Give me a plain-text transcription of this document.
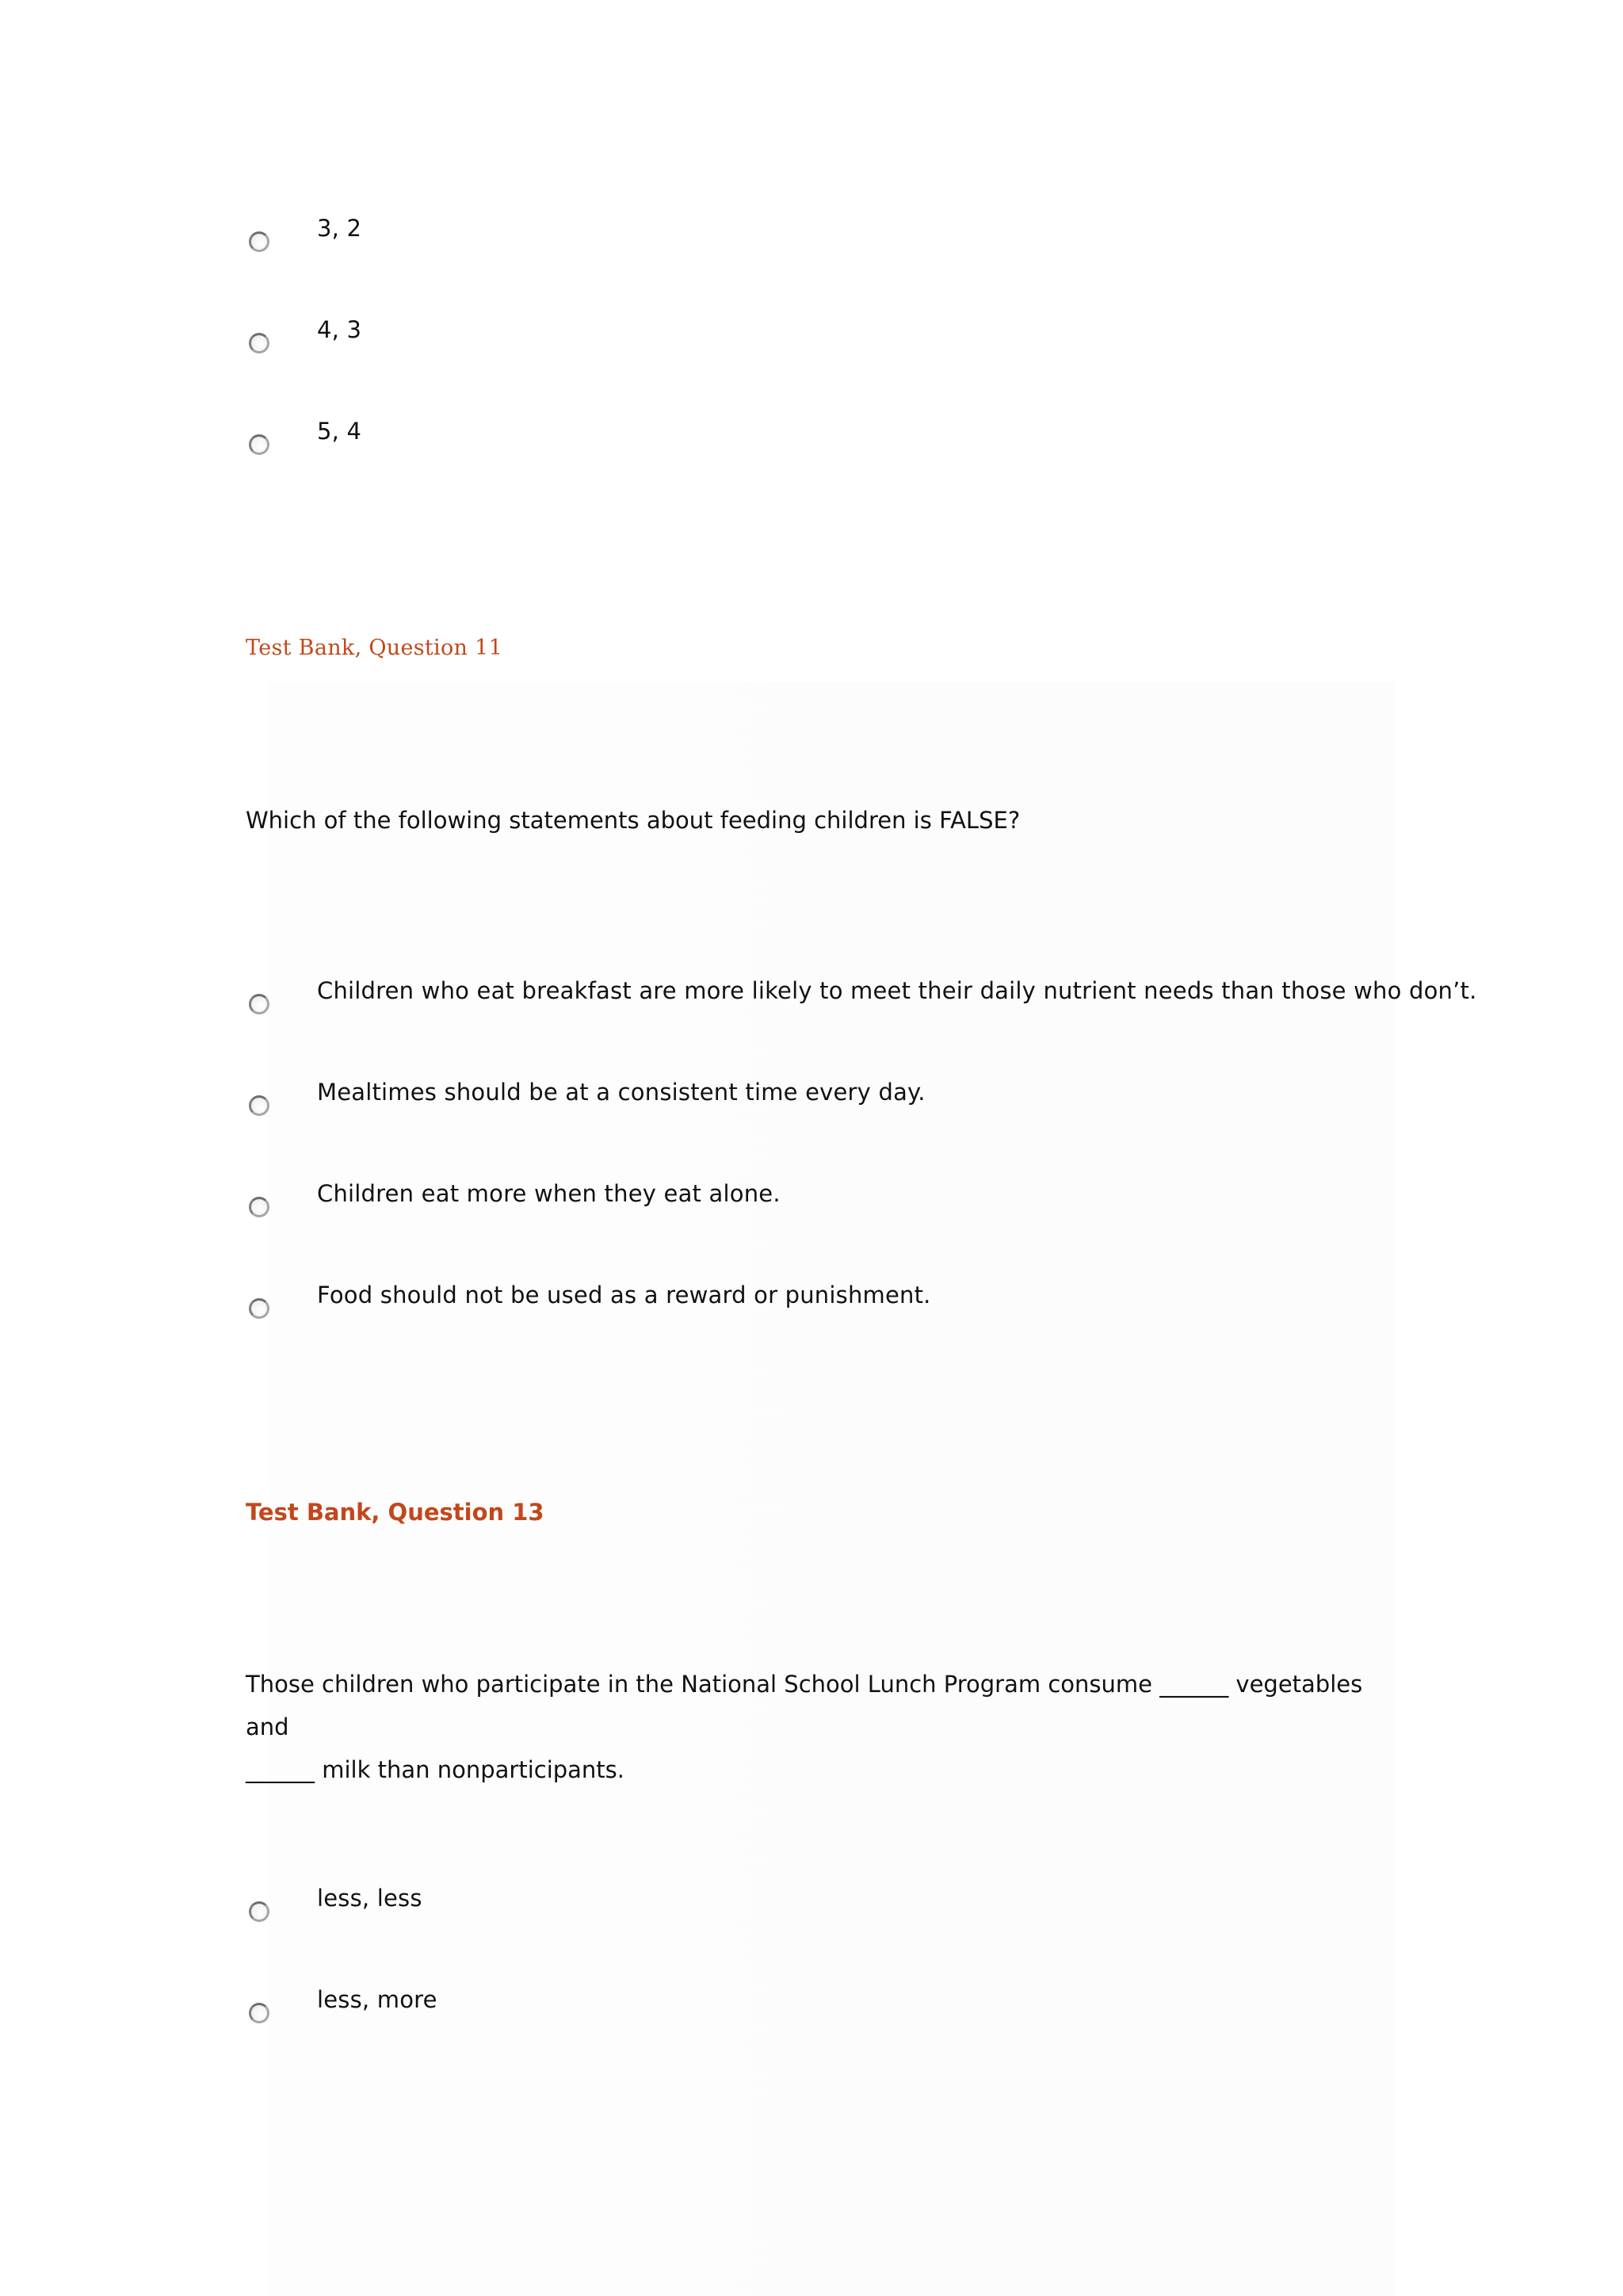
3, 2
4, 3
5, 4
Test Bank, Question 11
Which of the following statements about feeding children is FALSE?
Children who eat breakfast are more likely to meet their daily nutrient needs than those who don’t.
Mealtimes should be at a consistent time every day.
Children eat more when they eat alone.
Food should not be used as a reward or punishment.
Test Bank, Question 13
Those children who participate in the National School Lunch Program consume ______ vegetables and
______ milk than nonparticipants.
less, less
less, more
